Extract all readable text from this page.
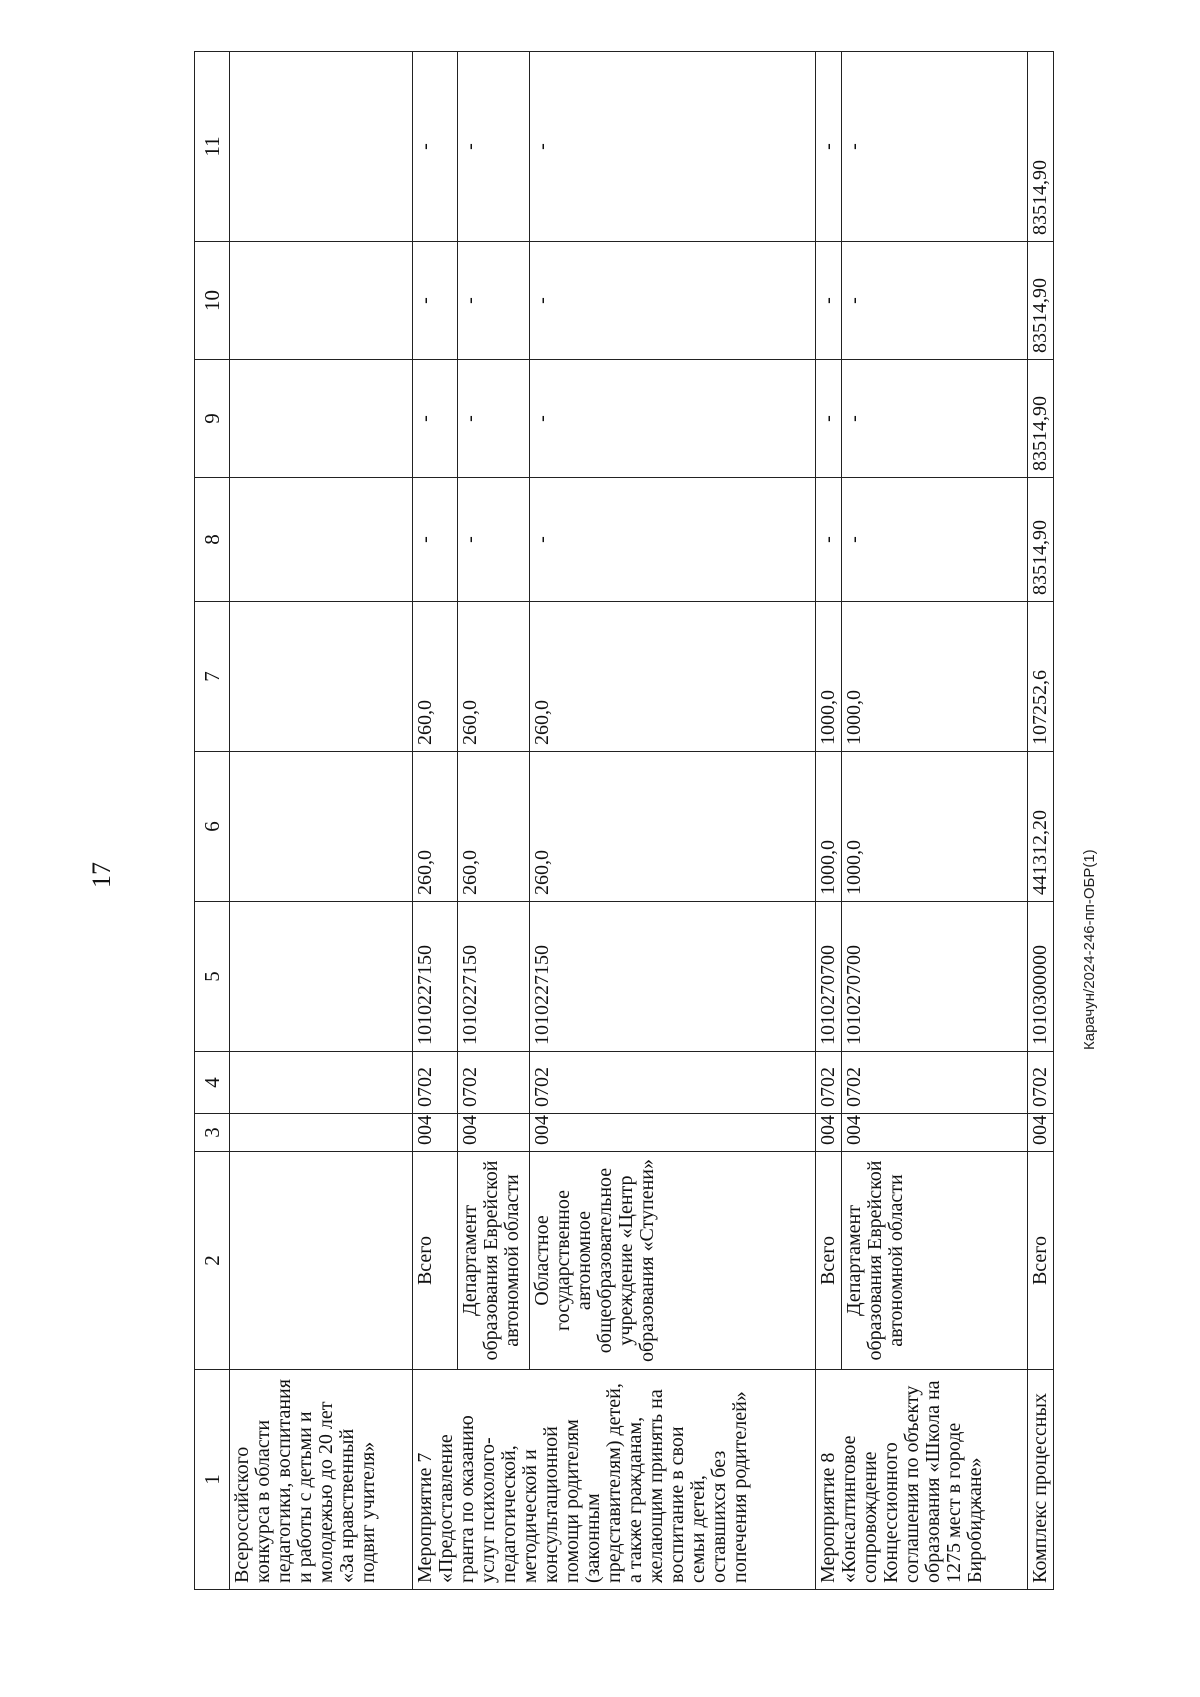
17
1	2	3	4	5	6	7	8	9	10	11
Всероссийского конкурса в области педагогики, воспитания и работы с детьми и молодежью до 20 лет «За нравственный подвиг учителя»										
Мероприятие 7 «Предоставление гранта по оказанию услуг психолого-педагогической, методической и консультационной помощи родителям (законным представителям) детей, а также гражданам, желающим принять на воспитание в свои семьи детей, оставшихся без попечения родителей»	Всего	004	0702	1010227150	260,0	260,0	-	-	-	-
	Департамент образования Еврейской автономной области	004	0702	1010227150	260,0	260,0	-	-	-	-
	Областное государственное автономное общеобразовательное учреждение «Центр образования «Ступени»	004	0702	1010227150	260,0	260,0	-	-	-	-
Мероприятие 8 «Консалтинговое сопровождение Концессионного соглашения по объекту образования «Школа на 1275 мест в городе Биробиджане»	Всего	004	0702	1010270700	1000,0	1000,0	-	-	-	-
	Департамент образования Еврейской автономной области	004	0702	1010270700	1000,0	1000,0	-	-	-	-
Комплекс процессных	Всего	004	0702	1010300000	441312,20	107252,6	83514,90	83514,90	83514,90	83514,90
Карачун/2024-246-пп-ОБР(1)
